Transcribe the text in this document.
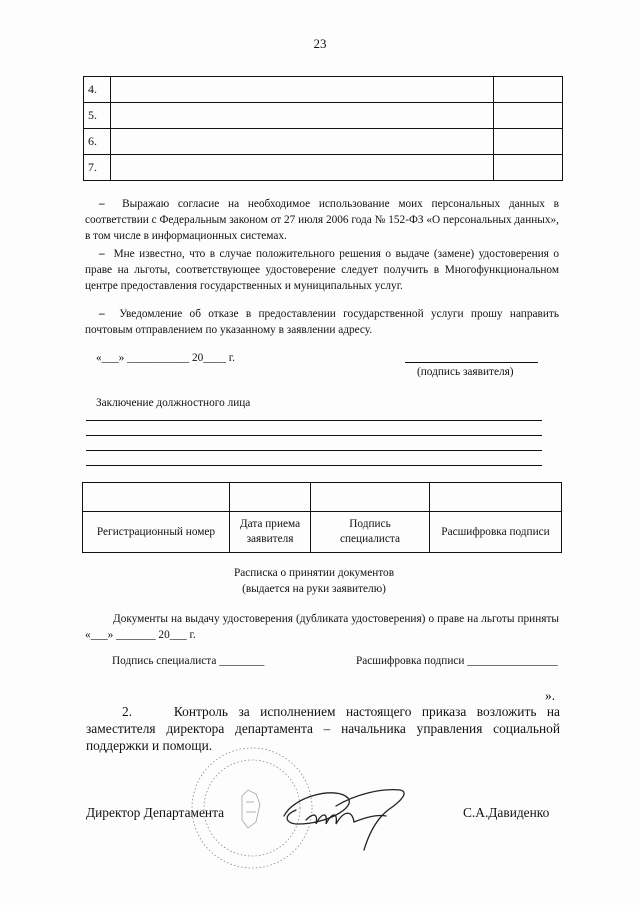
23
4.		
5.		
6.		
7.		
– Выражаю согласие на необходимое использование моих персональных данных в соответствии с Федеральным законом от 27 июля 2006 года № 152-ФЗ «О персональных данных», в том числе в информационных системах.
– Мне известно, что в случае положительного решения о выдаче (замене) удостоверения о праве на льготы, соответствующее удостоверение следует получить в Многофункциональном центре предоставления государственных и муниципальных услуг.
– Уведомление об отказе в предоставлении государственной услуги прошу направить почтовым отправлением по указанному в заявлении адресу.
«___» ___________ 20____ г.
(подпись заявителя)
Заключение должностного лица

Регистрационный номер	Дата приема заявителя	Подпись специалиста	Расшифровка подписи
Расписка о принятии документов
(выдается на руки заявителю)
Документы на выдачу удостоверения (дубликата удостоверения) о праве на льготы приняты «___» _______ 20___ г.
Подпись специалиста ________	Расшифровка подписи ________________
».
2.	Контроль за исполнением настоящего приказа возложить на заместителя директора департамента – начальника управления социальной поддержки и помощи.
Директор Департамента	С.А.Давиденко
